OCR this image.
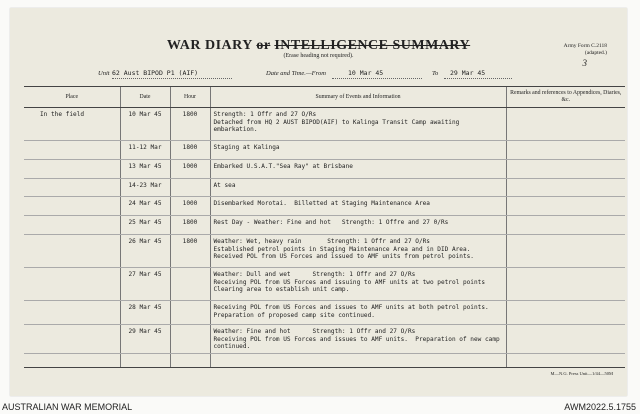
WAR DIARY or INTELLIGENCE SUMMARY
(Erase heading not required).
Army Form C.2118
(adapted.)
3
Unit 62 Aust BIPOD P1 (AIF)	Date and Time.—From	10 Mar 45	To 29 Mar 45
Place	Date	Hour	Summary of Events and Information	Remarks and references to Appendices, Diaries, &c.
In the field	10 Mar 45	1800	Strength: 1 Offr and 27 O/Rs
Detached from HQ 2 AUST BIPOD(AIF) to Kalinga Transit Camp awaiting embarkation.	

	11-12 Mar	1800	Staging at Kalinga	

	13 Mar 45	1000	Embarked U.S.A.T."Sea Ray" at Brisbane	

	14-23 Mar		At sea	

	24 Mar 45	1000	Disembarked Morotai.  Billetted at Staging Maintenance Area	

	25 Mar 45	1800	Rest Day - Weather: Fine and hot   Strength: 1 Offre and 27 0/Rs	

	26 Mar 45	1800	Weather: Wet, heavy rain       Strength: 1 Offr and 27 O/Rs
Established petrol points in Staging Maintenance Area and in DID Area.
Received POL from US Forces and issued to AMF units from petrol points.	

	27 Mar 45		Weather: Dull and wet      Strength: 1 Offr and 27 O/Rs
Receiving POL from US Forces and issuing to AMF units at two petrol points
Clearing area to establish unit camp.	

	28 Mar 45		Receiving POL from US Forces and issues to AMF units at both petrol points.
Preparation of proposed camp site continued.	

	29 Mar 45		Weather: Fine and hot      Strength: 1 Offr and 27 O/Rs
Receiving POL from US Forces and issues to AMF units.  Preparation of new camp continued.	

M—N.G. Press Unit—1/44—50M
AUSTRALIAN WAR MEMORIAL	AWM2022.5.1755
